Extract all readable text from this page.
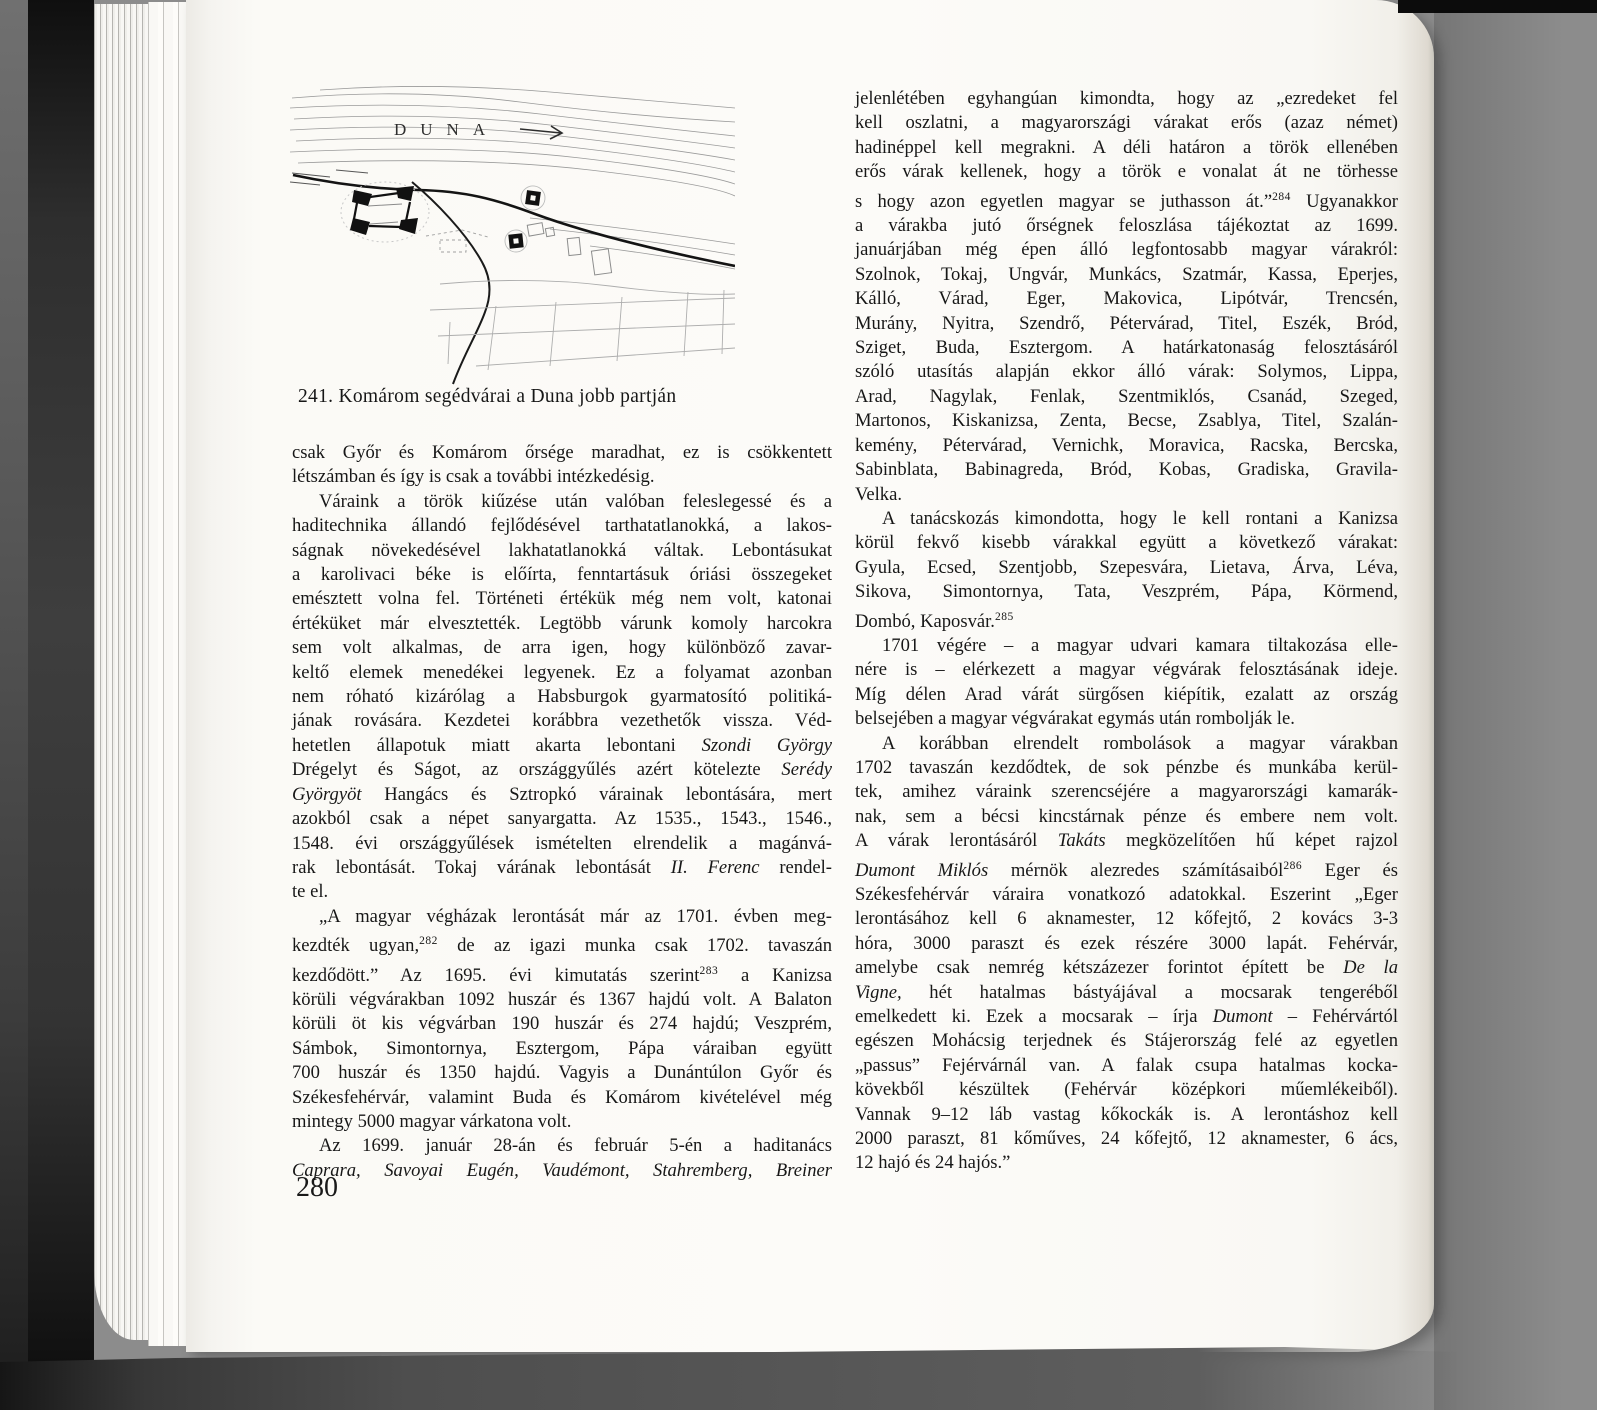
DUNA
241. Komárom segédvárai a Duna jobb partján
csak Győr és Komárom őrsége maradhat, ez is csökkentett
létszámban és így is csak a további intézkedésig.
Váraink a török kiűzése után valóban feleslegessé és a
haditechnika állandó fejlődésével tarthatatlanokká, a lakos-
ságnak növekedésével lakhatatlanokká váltak. Lebontásukat
a karolivaci béke is előírta, fenntartásuk óriási összegeket
emésztett volna fel. Történeti értékük még nem volt, katonai
értéküket már elvesztették. Legtöbb várunk komoly harcokra
sem volt alkalmas, de arra igen, hogy különböző zavar-
keltő elemek menedékei legyenek. Ez a folyamat azonban
nem róható kizárólag a Habsburgok gyarmatosító politiká-
jának rovására. Kezdetei korábbra vezethetők vissza. Véd-
hetetlen állapotuk miatt akarta lebontani Szondi György
Drégelyt és Ságot, az országgyűlés azért kötelezte Serédy
Györgyöt Hangács és Sztropkó várainak lebontására, mert
azokból csak a népet sanyargatta. Az 1535., 1543., 1546.,
1548. évi országgyűlések ismételten elrendelik a magánvá-
rak lebontását. Tokaj várának lebontását II. Ferenc rendel-
te el.
„A magyar végházak lerontását már az 1701. évben meg-
kezdték ugyan,$^{282}$ de az igazi munka csak 1702. tavaszán
kezdődött.” Az 1695. évi kimutatás szerint$^{283}$ a Kanizsa
körüli végvárakban 1092 huszár és 1367 hajdú volt. A Balaton
körüli öt kis végvárban 190 huszár és 274 hajdú; Veszprém,
Sámbok, Simontornya, Esztergom, Pápa váraiban együtt
700 huszár és 1350 hajdú. Vagyis a Dunántúlon Győr és
Székesfehérvár, valamint Buda és Komárom kivételével még
mintegy 5000 magyar várkatona volt.
Az 1699. január 28-án és február 5-én a haditanács
Caprara, Savoyai Eugén, Vaudémont, Stahremberg, Breiner
jelenlétében egyhangúan kimondta, hogy az „ezredeket fel
kell oszlatni, a magyarországi várakat erős (azaz német)
hadinéppel kell megrakni. A déli határon a török ellenében
erős várak kellenek, hogy a török e vonalat át ne törhesse
s hogy azon egyetlen magyar se juthasson át.”$^{284}$ Ugyanakkor
a várakba jutó őrségnek feloszlása tájékoztat az 1699.
januárjában még épen álló legfontosabb magyar várakról:
Szolnok, Tokaj, Ungvár, Munkács, Szatmár, Kassa, Eperjes,
Kálló, Várad, Eger, Makovica, Lipótvár, Trencsén,
Murány, Nyitra, Szendrő, Pétervárad, Titel, Eszék, Bród,
Sziget, Buda, Esztergom. A határkatonaság felosztásáról
szóló utasítás alapján ekkor álló várak: Solymos, Lippa,
Arad, Nagylak, Fenlak, Szentmiklós, Csanád, Szeged,
Martonos, Kiskanizsa, Zenta, Becse, Zsablya, Titel, Szalán-
kemény, Pétervárad, Vernichk, Moravica, Racska, Bercska,
Sabinblata, Babinagreda, Bród, Kobas, Gradiska, Gravila-
Velka.
A tanácskozás kimondotta, hogy le kell rontani a Kanizsa
körül fekvő kisebb várakkal együtt a következő várakat:
Gyula, Ecsed, Szentjobb, Szepesvára, Lietava, Árva, Léva,
Sikova, Simontornya, Tata, Veszprém, Pápa, Körmend,
Dombó, Kaposvár.$^{285}$
1701 végére – a magyar udvari kamara tiltakozása elle-
nére is – elérkezett a magyar végvárak felosztásának ideje.
Míg délen Arad várát sürgősen kiépítik, ezalatt az ország
belsejében a magyar végvárakat egymás után rombolják le.
A korábban elrendelt rombolások a magyar várakban
1702 tavaszán kezdődtek, de sok pénzbe és munkába kerül-
tek, amihez váraink szerencséjére a magyarországi kamarák-
nak, sem a bécsi kincstárnak pénze és embere nem volt.
A várak lerontásáról Takáts megközelítően hű képet rajzol
Dumont Miklós mérnök alezredes számításaiból$^{286}$ Eger és
Székesfehérvár váraira vonatkozó adatokkal. Eszerint „Eger
lerontásához kell 6 aknamester, 12 kőfejtő, 2 kovács 3-3
hóra, 3000 paraszt és ezek részére 3000 lapát. Fehérvár,
amelybe csak nemrég kétszázezer forintot épített be De la
Vigne, hét hatalmas bástyájával a mocsarak tengeréből
emelkedett ki. Ezek a mocsarak – írja Dumont – Fehérvártól
egészen Mohácsig terjednek és Stájerország felé az egyetlen
„passus” Fejérvárnál van. A falak csupa hatalmas kocka-
kövekből készültek (Fehérvár középkori műemlékeiből).
Vannak 9–12 láb vastag kőkockák is. A lerontáshoz kell
2000 paraszt, 81 kőműves, 24 kőfejtő, 12 aknamester, 6 ács,
12 hajó és 24 hajós.”
280
